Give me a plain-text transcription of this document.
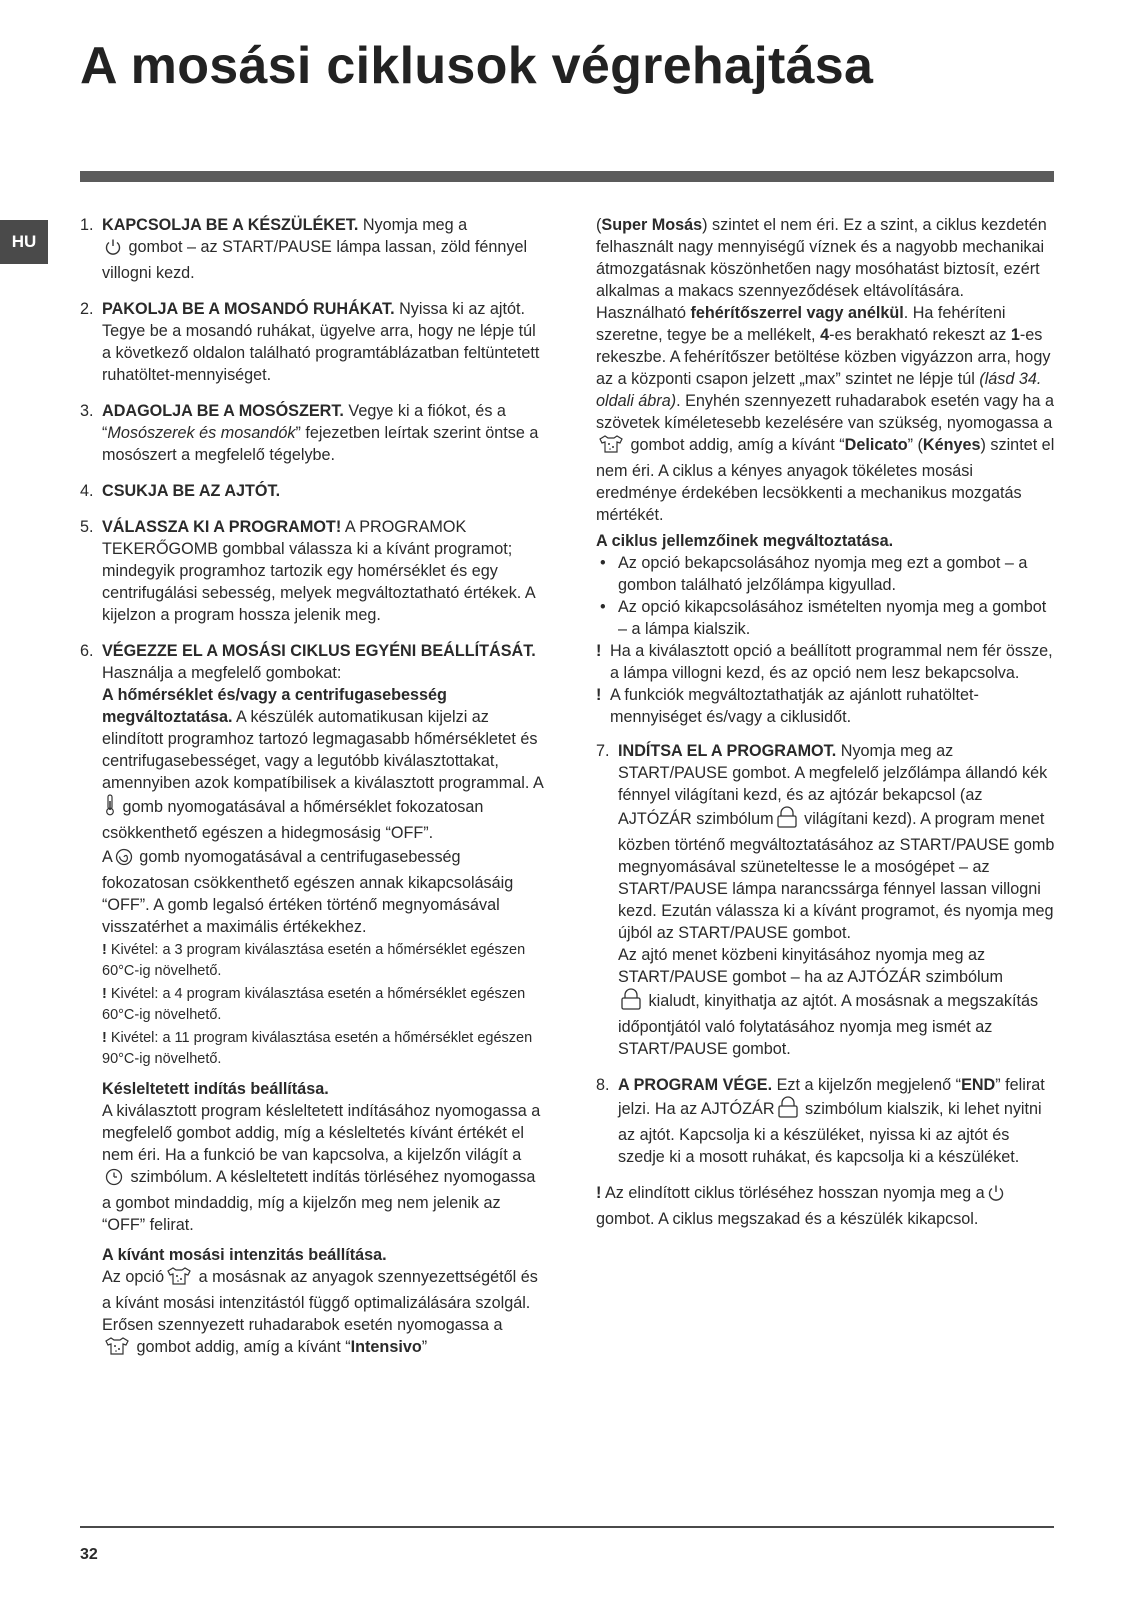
A mosási ciklusok végrehajtása
HU
1. KAPCSOLJA BE A KÉSZÜLÉKET. Nyomja meg a
gombot – az START/PAUSE lámpa lassan, zöld fénnyel villogni kezd.

2. PAKOLJA BE A MOSANDÓ RUHÁKAT. Nyissa ki az ajtót. Tegye be a mosandó ruhákat, ügyelve arra, hogy ne lépje túl a következő oldalon található programtáblázatban feltüntetett ruhatöltet-mennyiséget.

3. ADAGOLJA BE A MOSÓSZERT. Vegye ki a fiókot, és a “Mosószerek és mosandók” fejezetben leírtak szerint öntse a mosószert a megfelelő tégelybe.

4. CSUKJA BE AZ AJTÓT.

5. VÁLASSZA KI A PROGRAMOT! A PROGRAMOK TEKERŐGOMB gombbal válassza ki a kívánt programot; mindegyik programhoz tartozik egy homérséklet és egy centrifugálási sebesség, melyek megváltoztatható értékek. A kijelzon a program hossza jelenik meg.

6. VÉGEZZE EL A MOSÁSI CIKLUS EGYÉNI BEÁLLÍTÁSÁT. Használja a megfelelő gombokat:

A hőmérséklet és/vagy a centrifugasebesség megváltoztatása.

A készülék automatikusan kijelzi az elindított programhoz tartozó legmagasabb hőmérsékletet és centrifugasebességet, vagy a legutóbb kiválasztottakat, amennyiben azok kompatíbilisek a kiválasztott programmal. A gomb nyomogatásával a hőmérséklet fokozatosan csökkenthető egészen a hidegmosásig “OFF”.

A gomb nyomogatásával a centrifugasebesség fokozatosan csökkenthető egészen annak kikapcsolásáig “OFF”. A gomb legalsó értéken történő megnyomásával visszatérhet a maximális értékekhez.

! Kivétel: a 3 program kiválasztása esetén a hőmérséklet egészen 60°C-ig növelhető.

! Kivétel: a 4 program kiválasztása esetén a hőmérséklet egészen 60°C-ig növelhető.

! Kivétel: a 11 program kiválasztása esetén a hőmérséklet egészen 90°C-ig növelhető.

Késleltetett indítás beállítása.

A kiválasztott program késleltetett indításához nyomogassa a megfelelő gombot addig, míg a késleltetés kívánt értékét el nem éri. Ha a funkció be van kapcsolva, a kijelzőn világít a szimbólum. A késleltetett indítás törléséhez nyomogassa a gombot mindaddig, míg a kijelzőn meg nem jelenik az “OFF” felirat.

A kívánt mosási intenzitás beállítása.

Az opció a mosásnak az anyagok szennyezettségétől és a kívánt mosási intenzitástól függő optimalizálására szolgál.

Erősen szennyezett ruhadarabok esetén nyomogassa a
gombot addig, amíg a kívánt “Intensivo”

(Super Mosás) szintet el nem éri. Ez a szint, a ciklus kezdetén felhasznált nagy mennyiségű víznek és a nagyobb mechanikai átmozgatásnak köszönhetően nagy mosóhatást biztosít, ezért alkalmas a makacs szennyeződések eltávolítására. Használható fehérítőszerrel vagy anélkül. Ha fehéríteni szeretne, tegye be a mellékelt, 4-es berakható rekeszt az 1-es rekeszbe. A fehérítőszer betöltése közben vigyázzon arra, hogy az a központi csapon jelzett „max” szintet ne lépje túl (lásd 34. oldali ábra). Enyhén szennyezett ruhadarabok esetén vagy ha a szövetek kíméletesebb kezelésére van szükség, nyomogassa a gombot addig, amíg a kívánt “Delicato” (Kényes) szintet el nem éri. A ciklus a kényes anyagok tökéletes mosási eredménye érdekében lecsökkenti a mechanikus mozgatás mértékét.

A ciklus jellemzőinek megváltoztatása.

• Az opció bekapcsolásához nyomja meg ezt a gombot – a gombon található jelzőlámpa kigyullad.
• Az opció kikapcsolásához ismételten nyomja meg a gombot – a lámpa kialszik.

! Ha a kiválasztott opció a beállított programmal nem fér össze, a lámpa villogni kezd, és az opció nem lesz bekapcsolva.

! A funkciók megváltoztathatják az ajánlott ruhatöltet-mennyiséget és/vagy a ciklusidőt.

7. INDÍTSA EL A PROGRAMOT. Nyomja meg az START/PAUSE gombot. A megfelelő jelzőlámpa állandó kék fénnyel világítani kezd, és az ajtózár bekapcsol (az AJTÓZÁR szimbólum világítani kezd). A program menet közben történő megváltoztatásához az START/PAUSE gomb megnyomásával szüneteltesse le a mosógépet – az START/PAUSE lámpa narancssárga fénnyel lassan villogni kezd. Ezután válassza ki a kívánt programot, és nyomja meg újból az START/PAUSE gombot.

Az ajtó menet közbeni kinyitásához nyomja meg az START/PAUSE gombot – ha az AJTÓZÁR szimbólum
kialudt, kinyithatja az ajtót. A mosásnak a megszakítás időpontjától való folytatásához nyomja meg ismét az START/PAUSE gombot.

8. A PROGRAM VÉGE. Ezt a kijelzőn megjelenő “END” felirat jelzi. Ha az AJTÓZÁR szimbólum kialszik, ki lehet nyitni az ajtót. Kapcsolja ki a készüléket, nyissa ki az ajtót és szedje ki a mosott ruhákat, és kapcsolja ki a készüléket.

! Az elindított ciklus törléséhez hosszan nyomja meg a
gombot. A ciklus megszakad és a készülék kikapcsol.

32
